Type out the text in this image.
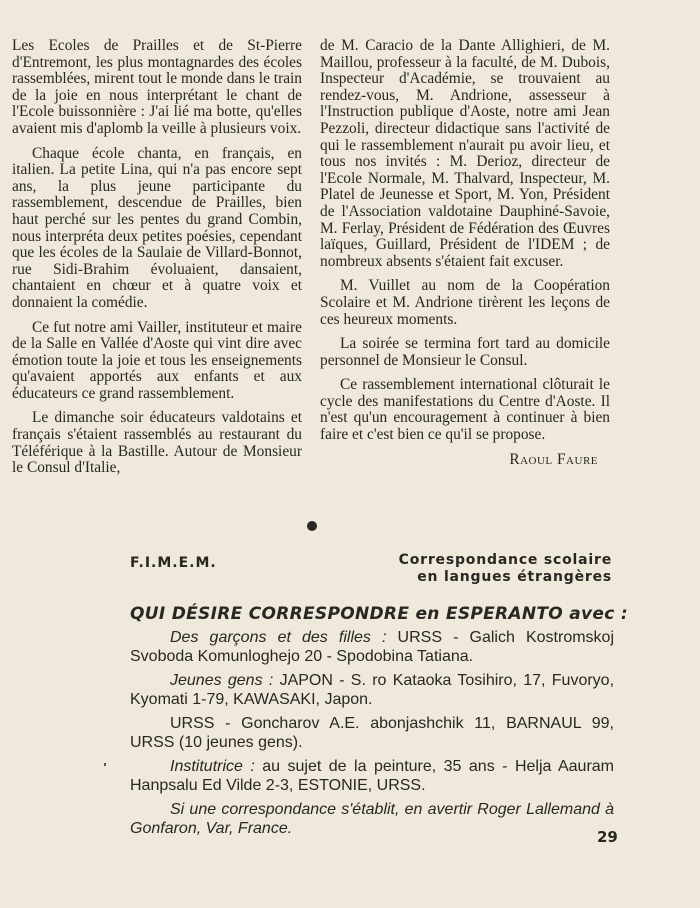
Les Ecoles de Prailles et de St-Pierre d'Entremont, les plus montagnardes des écoles rassemblées, mirent tout le monde dans le train de la joie en nous interprétant le chant de l'Ecole buissonnière : J'ai lié ma botte, qu'elles avaient mis d'aplomb la veille à plusieurs voix.

Chaque école chanta, en français, en italien. La petite Lina, qui n'a pas encore sept ans, la plus jeune participante du rassemblement, descendue de Prailles, bien haut perché sur les pentes du grand Combin, nous interpréta deux petites poésies, cependant que les écoles de la Saulaie de Villard-Bonnot, rue Sidi-Brahim évoluaient, dansaient, chantaient en chœur et à quatre voix et donnaient la comédie.

Ce fut notre ami Vailler, instituteur et maire de la Salle en Vallée d'Aoste qui vint dire avec émotion toute la joie et tous les enseignements qu'avaient apportés aux enfants et aux éducateurs ce grand rassemblement.

Le dimanche soir éducateurs valdotains et français s'étaient rassemblés au restaurant du Téléférique à la Bastille. Autour de Monsieur le Consul d'Italie,

de M. Caracio de la Dante Allighieri, de M. Maillou, professeur à la faculté, de M. Dubois, Inspecteur d'Académie, se trouvaient au rendez-vous, M. Andrione, assesseur à l'Instruction publique d'Aoste, notre ami Jean Pezzoli, directeur didactique sans l'activité de qui le rassemblement n'aurait pu avoir lieu, et tous nos invités : M. Derioz, directeur de l'Ecole Normale, M. Thalvard, Inspecteur, M. Platel de Jeunesse et Sport, M. Yon, Président de l'Association valdotaine Dauphiné-Savoie, M. Ferlay, Président de Fédération des Œuvres laïques, Guillard, Président de l'IDEM ; de nombreux absents s'étaient fait excuser.

M. Vuillet au nom de la Coopération Scolaire et M. Andrione tirèrent les leçons de ces heureux moments.

La soirée se termina fort tard au domicile personnel de Monsieur le Consul.

Ce rassemblement international clôturait le cycle des manifestations du Centre d'Aoste. Il n'est qu'un encouragement à continuer à bien faire et c'est bien ce qu'il se propose.

Raoul Faure
F.I.M.E.M.	Correspondance scolaire
en langues étrangères
QUI DÉSIRE CORRESPONDRE en ESPERANTO avec :

Des garçons et des filles : URSS - Galich Kostromskoj Svoboda Komunloghejo 20 - Spodobina Tatiana.

Jeunes gens : JAPON - S. ro Kataoka Tosihiro, 17, Fuvoryo, Kyomati 1-79, KAWASAKI, Japon.

URSS - Goncharov A.E. abonjashchik 11, BARNAUL 99, URSS (10 jeunes gens).

Institutrice : au sujet de la peinture, 35 ans - Helja Aauram Hanpsalu Ed Vilde 2-3, ESTONIE, URSS.

Si une correspondance s'établit, en avertir Roger Lallemand à Gonfaron, Var, France.	29
